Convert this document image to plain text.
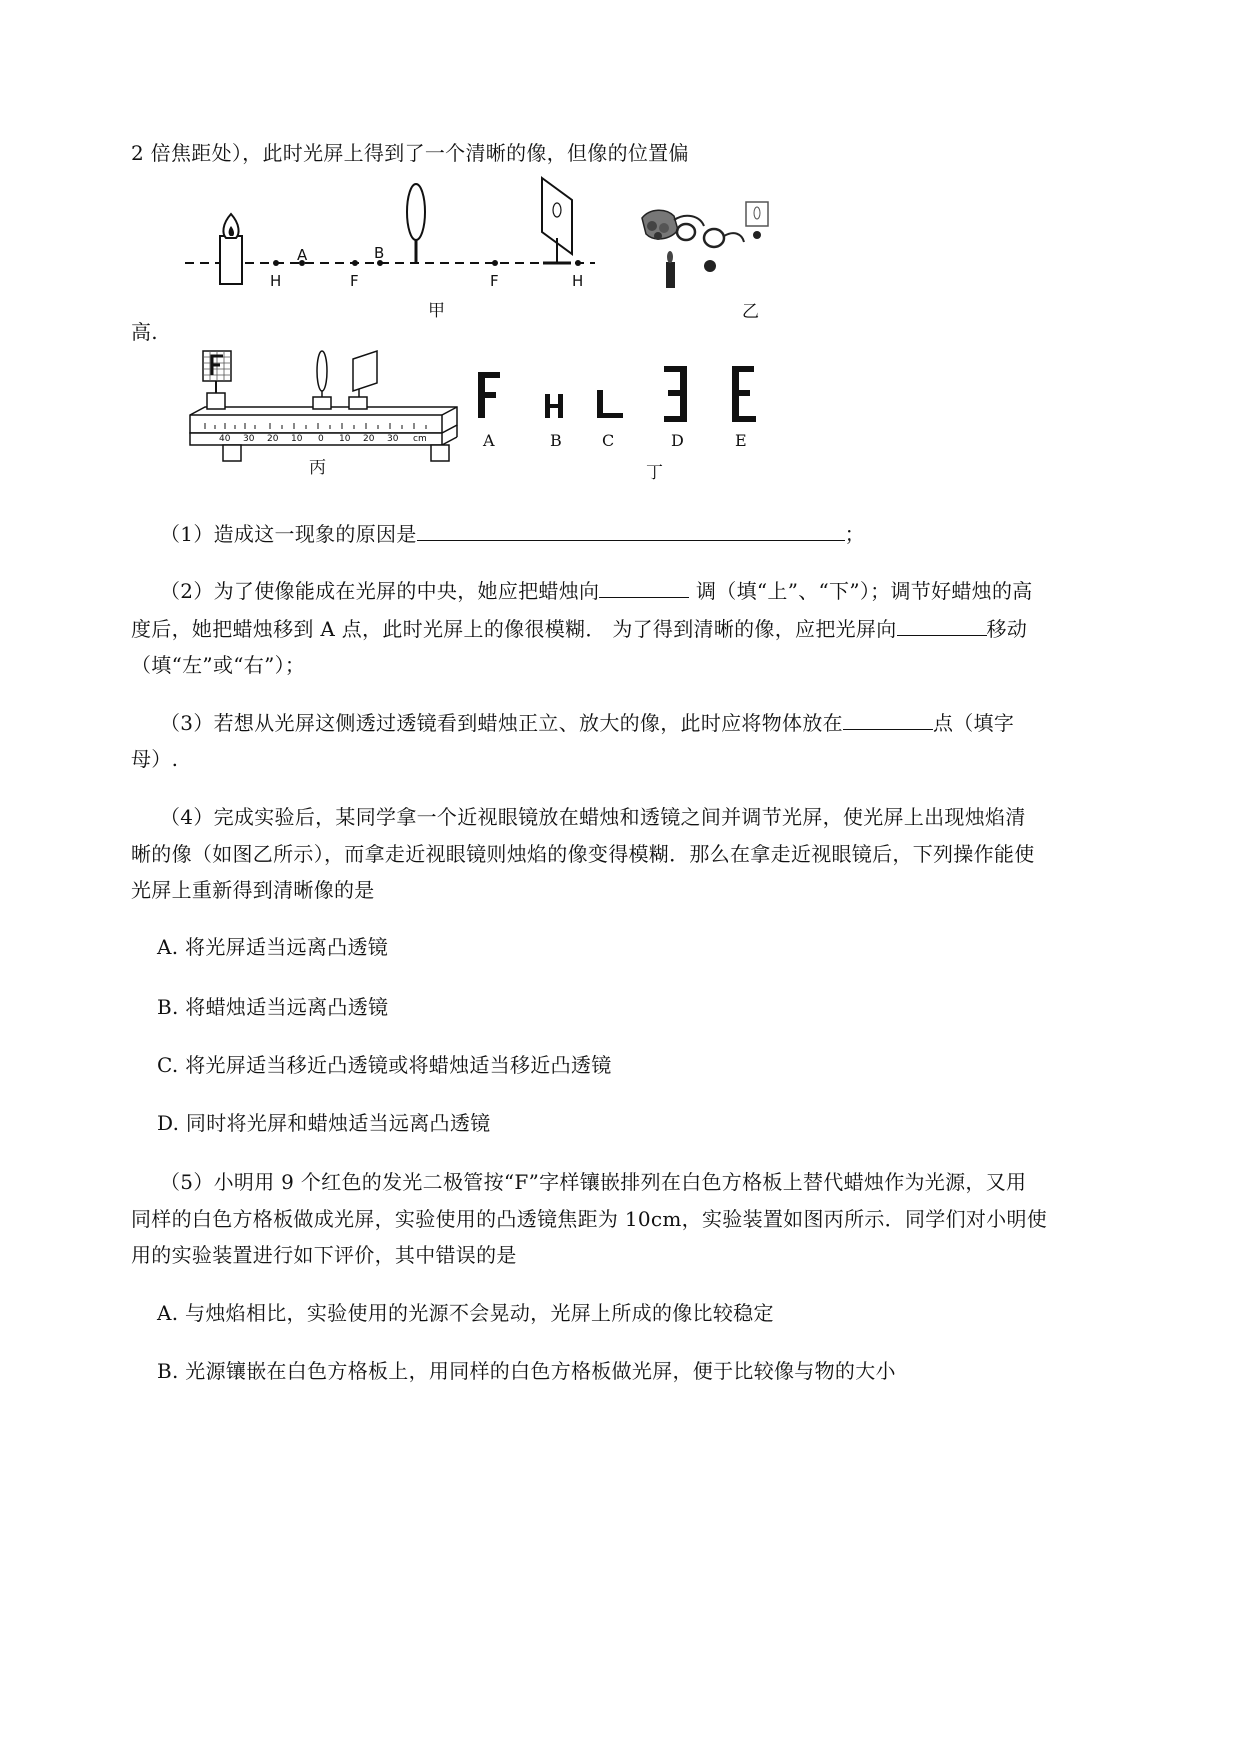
2 倍焦距处），此时光屏上得到了一个清晰的像，但像的位置偏
高.
H
A
F
B
F	H
甲	乙
40 30 20 10 0 10 20 30 cm
丙
A	B	C	D	E
丁
（1）造成这一现象的原因是	；
（2）为了使像能成在光屏的中央，她应把蜡烛向	调（填“上”、“下”）；调节好蜡烛的高
度后，她把蜡烛移到 A 点，此时光屏上的像很模糊． 为了得到清晰的像，应把光屏向	移动
（填“左”或“右”）；
（3）若想从光屏这侧透过透镜看到蜡烛正立、放大的像，此时应将物体放在	点（填字
母）.
（4）完成实验后，某同学拿一个近视眼镜放在蜡烛和透镜之间并调节光屏，使光屏上出现烛焰清
晰的像（如图乙所示），而拿走近视眼镜则烛焰的像变得模糊．那么在拿走近视眼镜后，下列操作能使
光屏上重新得到清晰像的是
A. 将光屏适当远离凸透镜
B. 将蜡烛适当远离凸透镜
C. 将光屏适当移近凸透镜或将蜡烛适当移近凸透镜
D. 同时将光屏和蜡烛适当远离凸透镜
（5）小明用 9 个红色的发光二极管按“F”字样镶嵌排列在白色方格板上替代蜡烛作为光源，又用
同样的白色方格板做成光屏，实验使用的凸透镜焦距为 10cm，实验装置如图丙所示．同学们对小明使
用的实验装置进行如下评价，其中错误的是
A. 与烛焰相比，实验使用的光源不会晃动，光屏上所成的像比较稳定
B. 光源镶嵌在白色方格板上，用同样的白色方格板做光屏，便于比较像与物的大小
